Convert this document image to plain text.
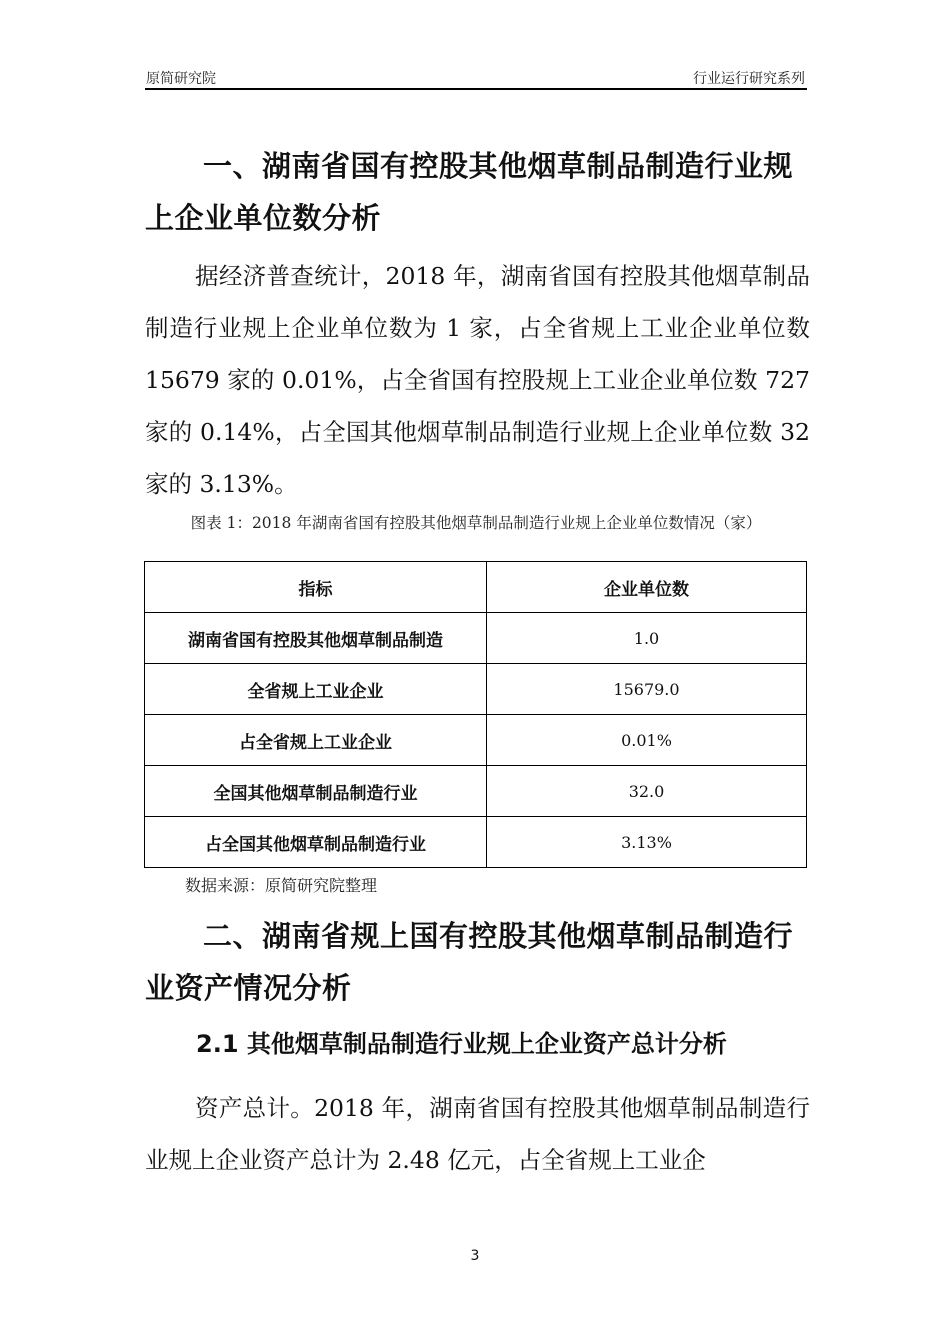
原简研究院	行业运行研究系列
一、湖南省国有控股其他烟草制品制造行业规上企业单位数分析

据经济普查统计，2018 年，湖南省国有控股其他烟草制品制造行业规上企业单位数为 1 家，占全省规上工业企业单位数 15679 家的 0.01%，占全省国有控股规上工业企业单位数 727 家的 0.14%，占全国其他烟草制品制造行业规上企业单位数 32 家的 3.13%。

图表 1：2018 年湖南省国有控股其他烟草制品制造行业规上企业单位数情况（家）
指标	企业单位数
湖南省国有控股其他烟草制品制造	1.0
全省规上工业企业	15679.0
占全省规上工业企业	0.01%
全国其他烟草制品制造行业	32.0
占全国其他烟草制品制造行业	3.13%
数据来源：原简研究院整理
二、湖南省规上国有控股其他烟草制品制造行业资产情况分析
2.1 其他烟草制品制造行业规上企业资产总计分析

资产总计。2018 年，湖南省国有控股其他烟草制品制造行业规上企业资产总计为 2.48 亿元，占全省规上工业企

3
